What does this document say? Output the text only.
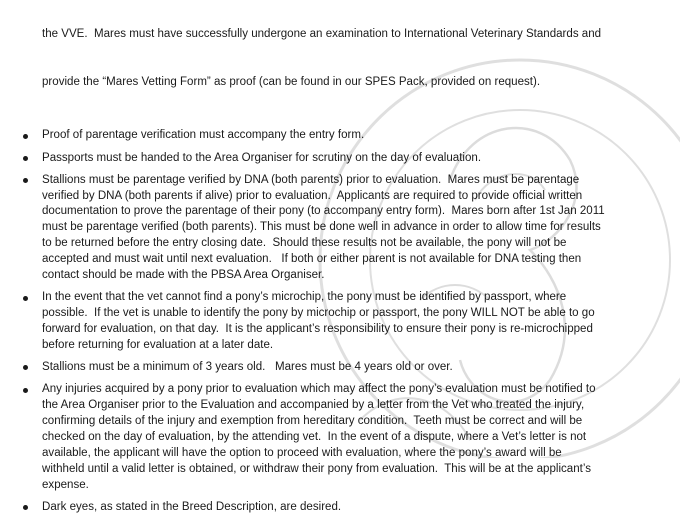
the VVE.  Mares must have successfully undergone an examination to International Veterinary Standards and

provide the “Mares Vetting Form” as proof (can be found in our SPES Pack, provided on request).

Proof of parentage verification must accompany the entry form.
Passports must be handed to the Area Organiser for scrutiny on the day of evaluation.
Stallions must be parentage verified by DNA (both parents) prior to evaluation.  Mares must be parentage
verified by DNA (both parents if alive) prior to evaluation.  Applicants are required to provide official written
documentation to prove the parentage of their pony (to accompany entry form).  Mares born after 1st Jan 2011
must be parentage verified (both parents). This must be done well in advance in order to allow time for results
to be returned before the entry closing date.  Should these results not be available, the pony will not be
accepted and must wait until next evaluation.   If both or either parent is not available for DNA testing then
contact should be made with the PBSA Area Organiser.
In the event that the vet cannot find a pony’s microchip, the pony must be identified by passport, where
possible.  If the vet is unable to identify the pony by microchip or passport, the pony WILL NOT be able to go
forward for evaluation, on that day.  It is the applicant’s responsibility to ensure their pony is re-microchipped
before returning for evaluation at a later date.
Stallions must be a minimum of 3 years old.   Mares must be 4 years old or over.
Any injuries acquired by a pony prior to evaluation which may affect the pony’s evaluation must be notified to
the Area Organiser prior to the Evaluation and accompanied by a letter from the Vet who treated the injury,
confirming details of the injury and exemption from hereditary condition.  Teeth must be correct and will be
checked on the day of evaluation, by the attending vet.  In the event of a dispute, where a Vet’s letter is not
available, the applicant will have the option to proceed with evaluation, where the pony’s award will be
withheld until a valid letter is obtained, or withdraw their pony from evaluation.  This will be at the applicant’s
expense.
Dark eyes, as stated in the Breed Description, are desired.
